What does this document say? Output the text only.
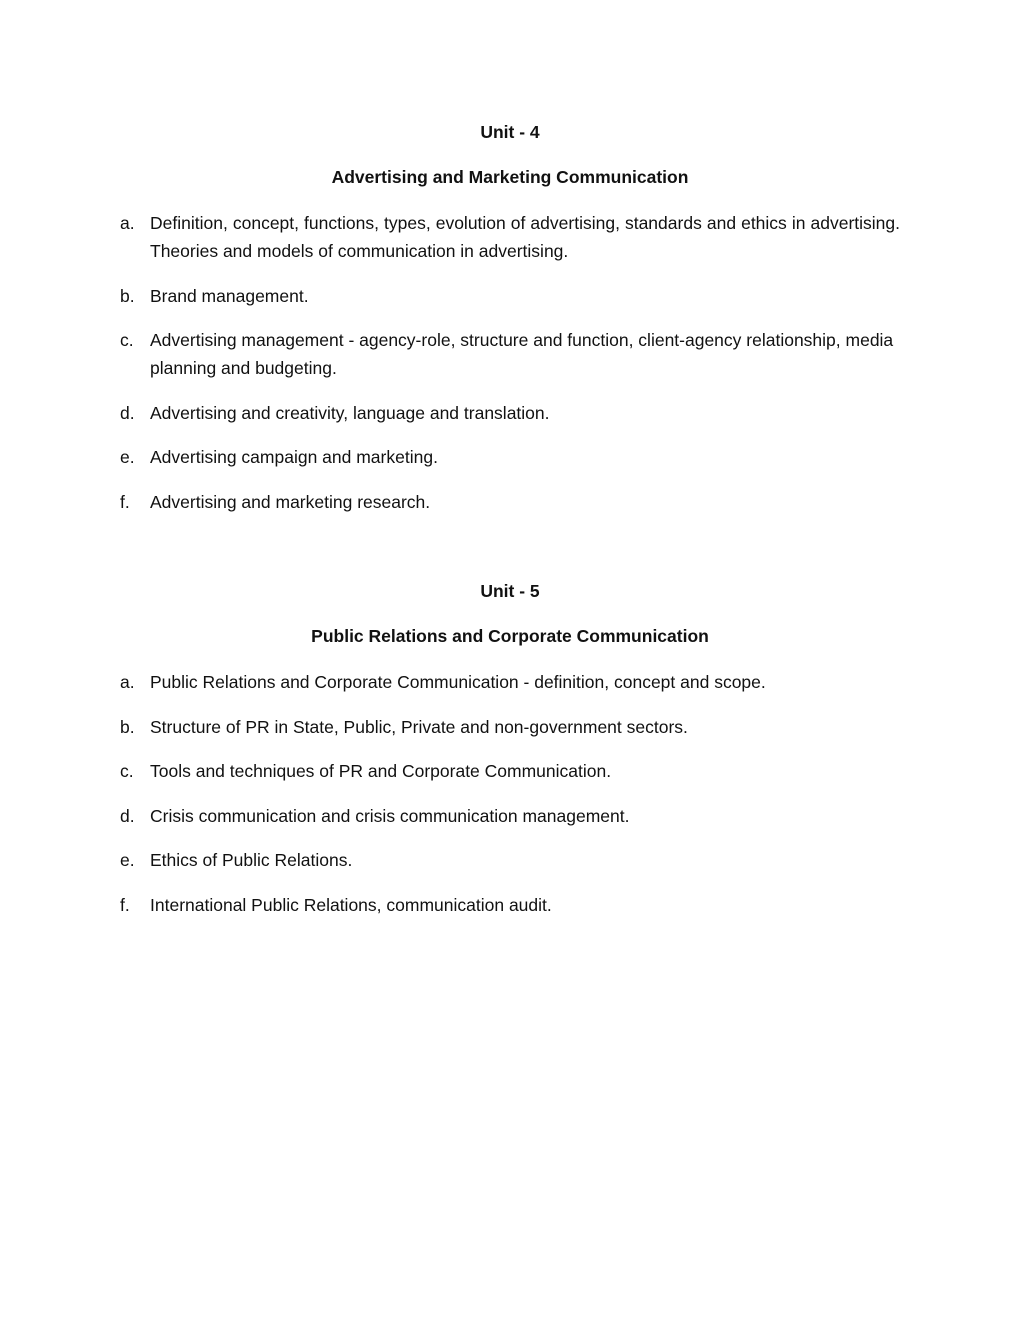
Unit - 4
Advertising and Marketing Communication
a. Definition, concept, functions, types, evolution of advertising, standards and ethics in advertising. Theories and models of communication in advertising.
b. Brand management.
c. Advertising management - agency-role, structure and function, client-agency relationship, media planning and budgeting.
d. Advertising and creativity, language and translation.
e. Advertising campaign and marketing.
f.	Advertising and marketing research.
Unit - 5
Public Relations and Corporate Communication
a. Public Relations and Corporate Communication - definition, concept and scope.
b. Structure of PR in State, Public, Private and non-government sectors.
c. Tools and techniques of PR and Corporate Communication.
d. Crisis communication and crisis communication management.
e. Ethics of Public Relations.
f.	International Public Relations, communication audit.
